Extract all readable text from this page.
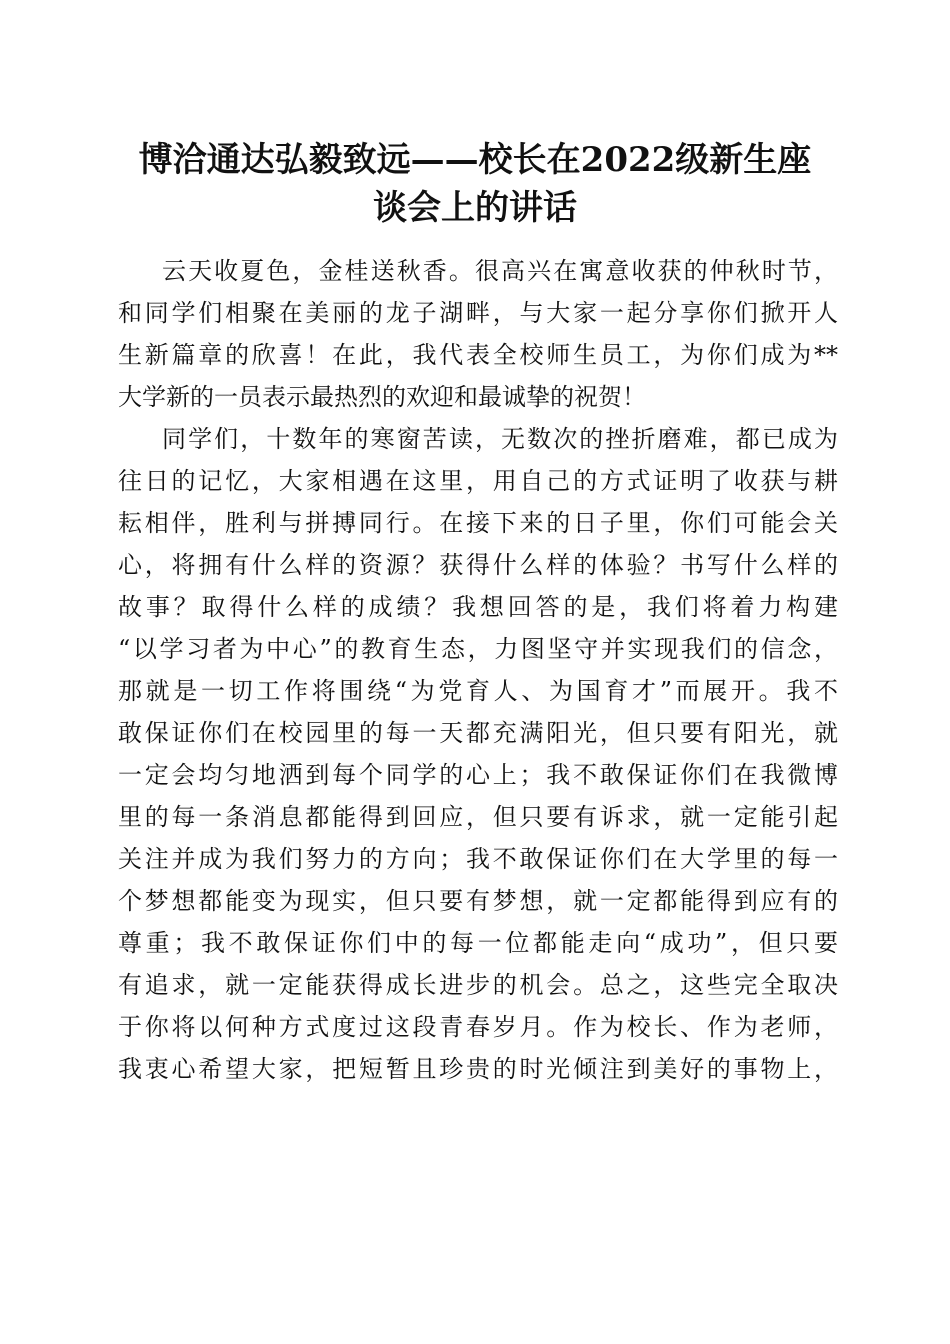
博洽通达弘毅致远——校长在2022级新生座
谈会上的讲话
云天收夏色，金桂送秋香。很高兴在寓意收获的仲秋时节，
和同学们相聚在美丽的龙子湖畔，与大家一起分享你们掀开人
生新篇章的欣喜！在此，我代表全校师生员工，为你们成为**
大学新的一员表示最热烈的欢迎和最诚挚的祝贺！
同学们，十数年的寒窗苦读，无数次的挫折磨难，都已成为
往日的记忆，大家相遇在这里，用自己的方式证明了收获与耕
耘相伴，胜利与拼搏同行。在接下来的日子里，你们可能会关
心，将拥有什么样的资源？获得什么样的体验？书写什么样的
故事？取得什么样的成绩？我想回答的是，我们将着力构建
“以学习者为中心”的教育生态，力图坚守并实现我们的信念，
那就是一切工作将围绕“为党育人、为国育才”而展开。我不
敢保证你们在校园里的每一天都充满阳光，但只要有阳光，就
一定会均匀地洒到每个同学的心上；我不敢保证你们在我微博
里的每一条消息都能得到回应，但只要有诉求，就一定能引起
关注并成为我们努力的方向；我不敢保证你们在大学里的每一
个梦想都能变为现实，但只要有梦想，就一定都能得到应有的
尊重；我不敢保证你们中的每一位都能走向“成功”，但只要
有追求，就一定能获得成长进步的机会。总之，这些完全取决
于你将以何种方式度过这段青春岁月。作为校长、作为老师，
我衷心希望大家，把短暂且珍贵的时光倾注到美好的事物上，
